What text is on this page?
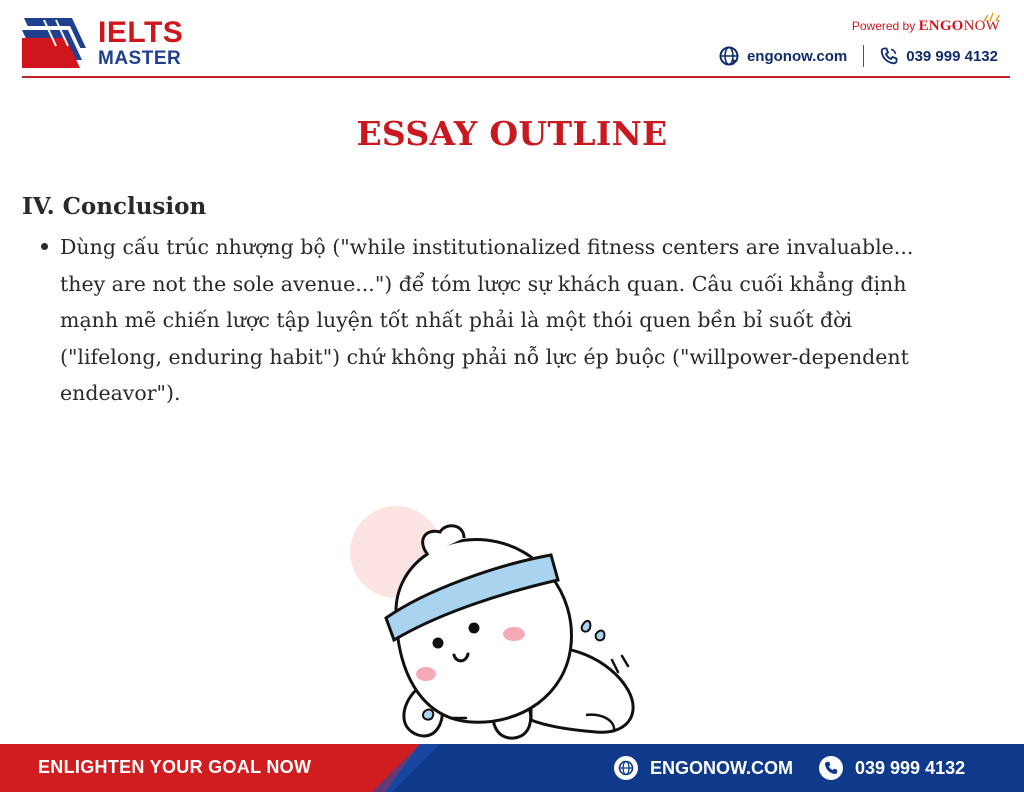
IELTS
MASTER
Powered by ENGONOW
engonow.com	039 999 4132
ESSAY OUTLINE
IV. Conclusion
Dùng cấu trúc nhượng bộ ("while institutionalized fitness centers are invaluable...
they are not the sole avenue...") để tóm lược sự khách quan. Câu cuối khẳng định
mạnh mẽ chiến lược tập luyện tốt nhất phải là một thói quen bền bỉ suốt đời
("lifelong, enduring habit") chứ không phải nỗ lực ép buộc ("willpower-dependent
endeavor").
ENLIGHTEN YOUR GOAL NOW	ENGONOW.COM	039 999 4132
